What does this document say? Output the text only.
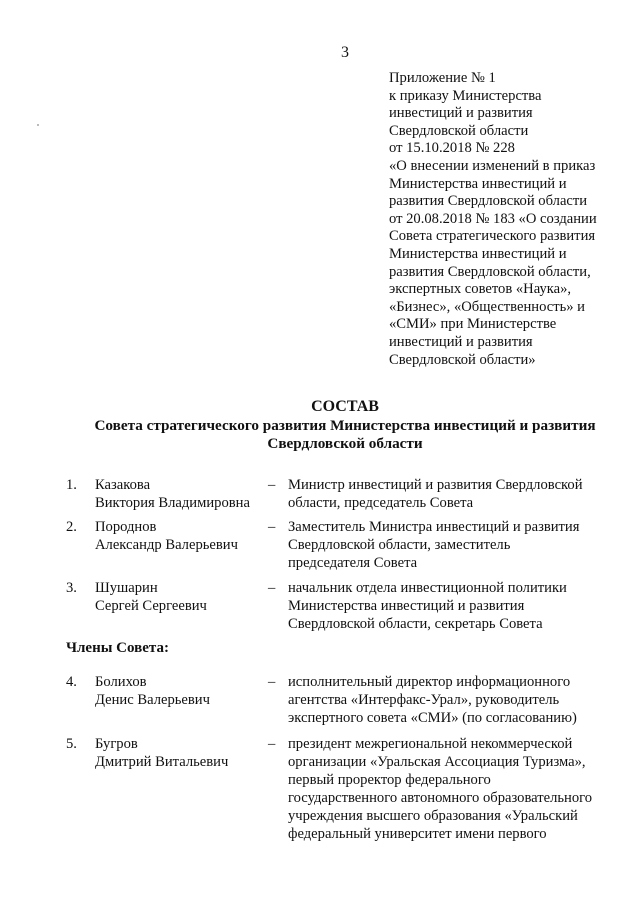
3
Приложение № 1
к приказу Министерства
инвестиций и развития
Свердловской области
от 15.10.2018 № 228
«О внесении изменений в приказ
Министерства инвестиций и
развития Свердловской области
от 20.08.2018 № 183 «О создании
Совета стратегического развития
Министерства инвестиций и
развития Свердловской области,
экспертных советов «Наука»,
«Бизнес», «Общественность» и
«СМИ» при Министерстве
инвестиций и развития
Свердловской области»
СОСТАВ
Совета стратегического развития Министерства инвестиций и развития
Свердловской области
1. Казакова
Виктория Владимировна
– Министр инвестиций и развития Свердловской
области, председатель Совета
2. Породнов
Александр Валерьевич
– Заместитель Министра инвестиций и развития
Свердловской области, заместитель
председателя Совета
3. Шушарин
Сергей Сергеевич
– начальник отдела инвестиционной политики
Министерства инвестиций и развития
Свердловской области, секретарь Совета
Члены Совета:
4. Болихов
Денис Валерьевич
– исполнительный директор информационного
агентства «Интерфакс-Урал», руководитель
экспертного совета «СМИ» (по согласованию)
5. Бугров
Дмитрий Витальевич
– президент межрегиональной некоммерческой
организации «Уральская Ассоциация Туризма»,
первый проректор федерального
государственного автономного образовательного
учреждения высшего образования «Уральский
федеральный университет имени первого
